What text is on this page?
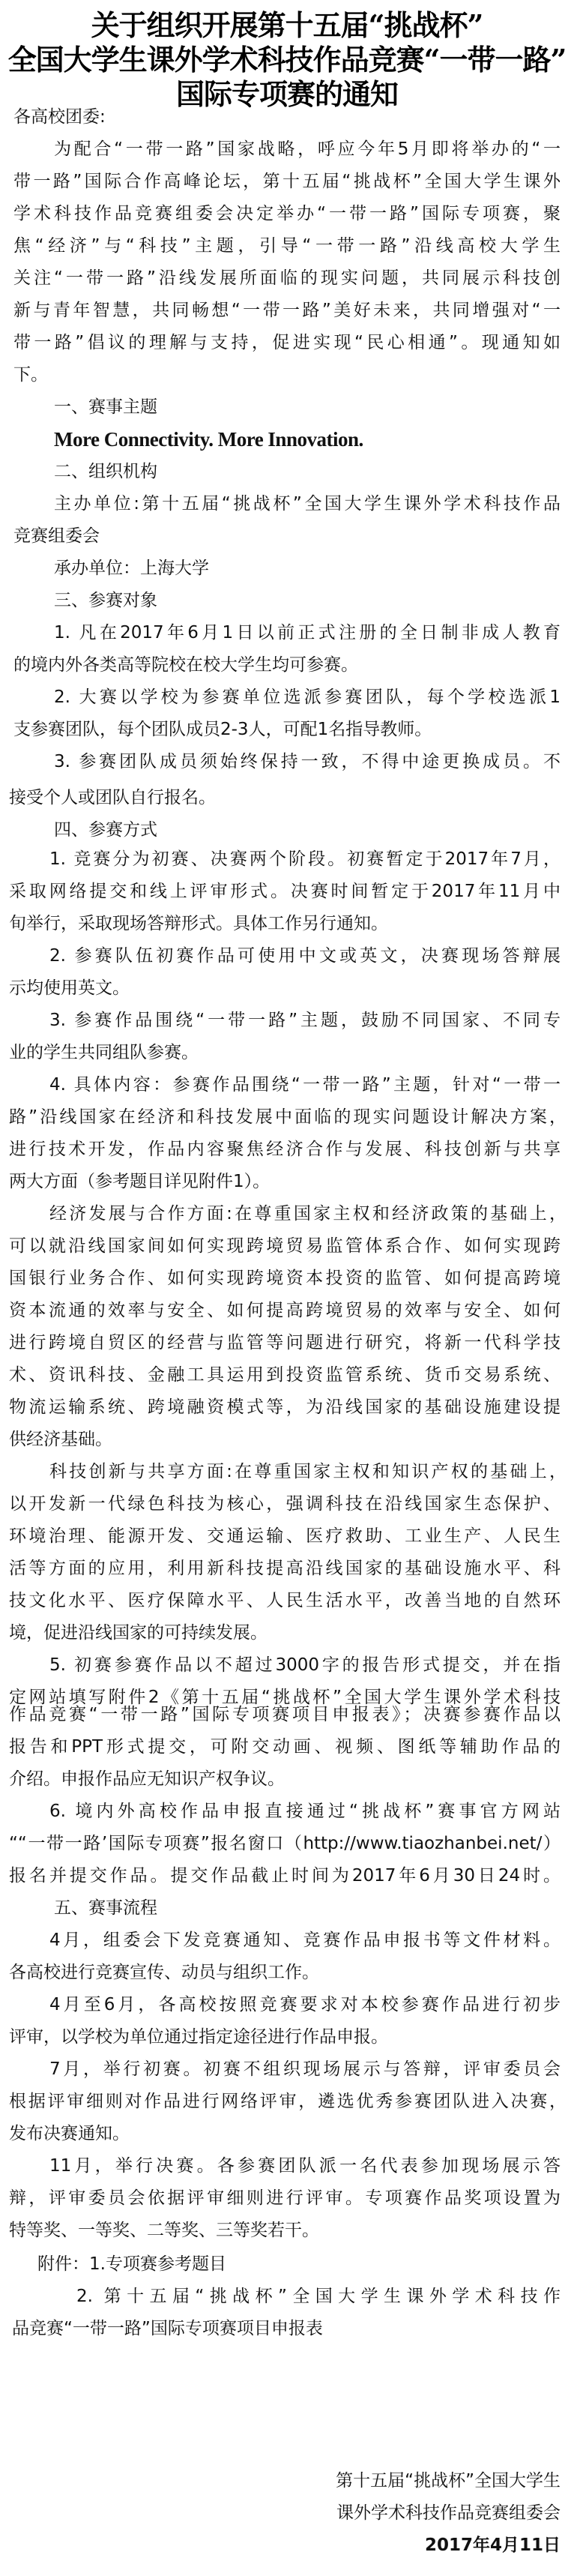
关于组织开展第十五届“挑战杯”
全国大学生课外学术科技作品竞赛“一带一路”
国际专项赛的通知
各高校团委:
为配合“一带一路”国家战略，呼应今年5月即将举办的“一
带一路”国际合作高峰论坛，第十五届“挑战杯”全国大学生课外
学术科技作品竞赛组委会决定举办“一带一路”国际专项赛，聚
焦“经济”与“科技”主题，引导“一带一路”沿线高校大学生
关注“一带一路”沿线发展所面临的现实问题，共同展示科技创
新与青年智慧，共同畅想“一带一路”美好未来，共同增强对“一
带一路”倡议的理解与支持，促进实现“民心相通”。现通知如
下。
一、赛事主题
More Connectivity. More Innovation.
二、组织机构
主办单位:第十五届“挑战杯”全国大学生课外学术科技作品
竞赛组委会
承办单位：上海大学
三、参赛对象
1. 凡在2017年6月1日以前正式注册的全日制非成人教育
的境内外各类高等院校在校大学生均可参赛。
2. 大赛以学校为参赛单位选派参赛团队，每个学校选派1
支参赛团队，每个团队成员2-3人，可配1名指导教师。
3. 参赛团队成员须始终保持一致，不得中途更换成员。不
接受个人或团队自行报名。
四、参赛方式
1. 竞赛分为初赛、决赛两个阶段。初赛暂定于2017年7月，
采取网络提交和线上评审形式。决赛时间暂定于2017年11月中
旬举行，采取现场答辩形式。具体工作另行通知。
2. 参赛队伍初赛作品可使用中文或英文，决赛现场答辩展
示均使用英文。
3. 参赛作品围绕“一带一路”主题，鼓励不同国家、不同专
业的学生共同组队参赛。
4. 具体内容：参赛作品围绕“一带一路”主题，针对“一带一
路”沿线国家在经济和科技发展中面临的现实问题设计解决方案，
进行技术开发，作品内容聚焦经济合作与发展、科技创新与共享
两大方面（参考题目详见附件1）。
经济发展与合作方面:在尊重国家主权和经济政策的基础上，
可以就沿线国家间如何实现跨境贸易监管体系合作、如何实现跨
国银行业务合作、如何实现跨境资本投资的监管、如何提高跨境
资本流通的效率与安全、如何提高跨境贸易的效率与安全、如何
进行跨境自贸区的经营与监管等问题进行研究，将新一代科学技
术、资讯科技、金融工具运用到投资监管系统、货币交易系统、
物流运输系统、跨境融资模式等，为沿线国家的基础设施建设提
供经济基础。
科技创新与共享方面:在尊重国家主权和知识产权的基础上，
以开发新一代绿色科技为核心，强调科技在沿线国家生态保护、
环境治理、能源开发、交通运输、医疗救助、工业生产、人民生
活等方面的应用，利用新科技提高沿线国家的基础设施水平、科
技文化水平、医疗保障水平、人民生活水平，改善当地的自然环
境，促进沿线国家的可持续发展。
5. 初赛参赛作品以不超过3000字的报告形式提交，并在指
定网站填写附件2《第十五届“挑战杯”全国大学生课外学术科技
作品竞赛“一带一路”国际专项赛项目申报表》；决赛参赛作品以
报告和PPT形式提交，可附交动画、视频、图纸等辅助作品的
介绍。申报作品应无知识产权争议。
6. 境内外高校作品申报直接通过“挑战杯”赛事官方网站
““一带一路’国际专项赛”报名窗口（http://www.tiaozhanbei.net/）
报名并提交作品。提交作品截止时间为2017年6月30日24时。
五、赛事流程
4月，组委会下发竞赛通知、竞赛作品申报书等文件材料。
各高校进行竞赛宣传、动员与组织工作。
4月至6月，各高校按照竞赛要求对本校参赛作品进行初步
评审，以学校为单位通过指定途径进行作品申报。
7月，举行初赛。初赛不组织现场展示与答辩，评审委员会
根据评审细则对作品进行网络评审，遴选优秀参赛团队进入决赛，
发布决赛通知。
11月，举行决赛。各参赛团队派一名代表参加现场展示答
辩，评审委员会依据评审细则进行评审。专项赛作品奖项设置为
特等奖、一等奖、二等奖、三等奖若干。
附件：1.专项赛参考题目
2. 第十五届“挑战杯”全国大学生课外学术科技作
品竞赛“一带一路”国际专项赛项目申报表
第十五届“挑战杯”全国大学生
课外学术科技作品竞赛组委会
2017年4月11日
